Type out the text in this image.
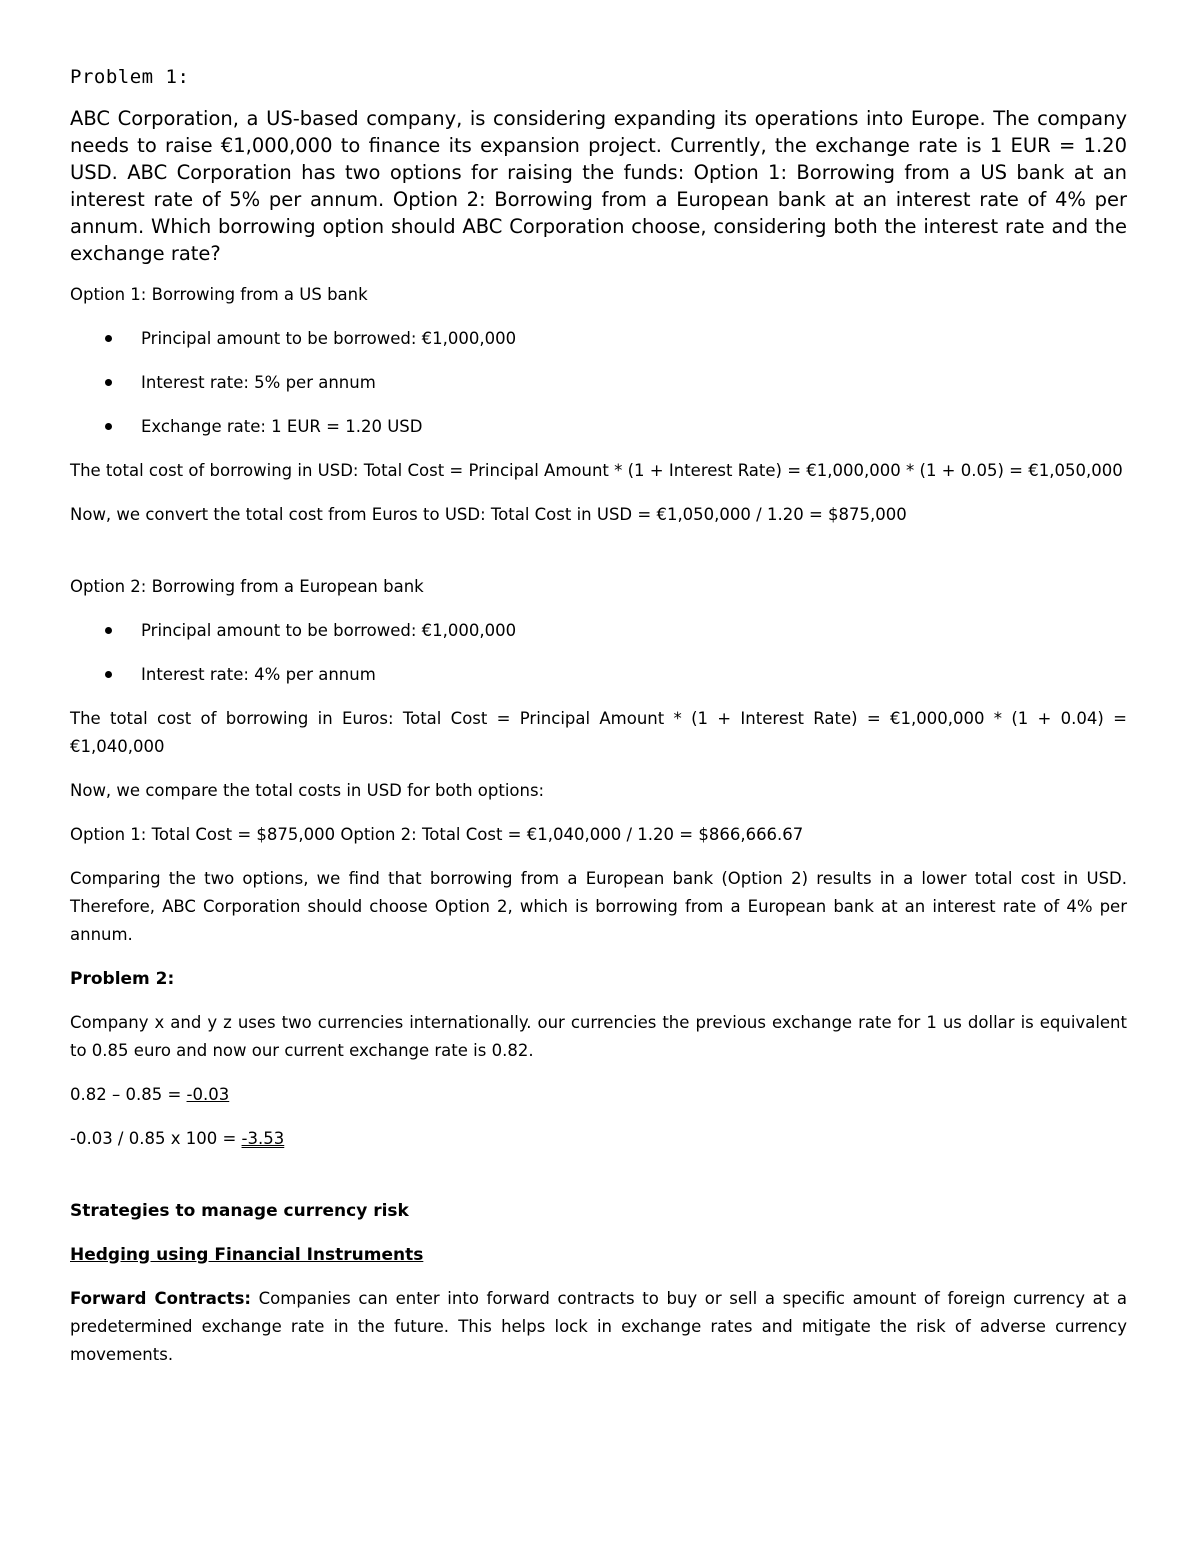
Problem 1:

ABC Corporation, a US-based company, is considering expanding its operations into Europe. The company needs to raise €1,000,000 to finance its expansion project. Currently, the exchange rate is 1 EUR = 1.20 USD. ABC Corporation has two options for raising the funds: Option 1: Borrowing from a US bank at an interest rate of 5% per annum. Option 2: Borrowing from a European bank at an interest rate of 4% per annum. Which borrowing option should ABC Corporation choose, considering both the interest rate and the exchange rate?

Option 1: Borrowing from a US bank
Principal amount to be borrowed: €1,000,000
Interest rate: 5% per annum
Exchange rate: 1 EUR = 1.20 USD

The total cost of borrowing in USD: Total Cost = Principal Amount * (1 + Interest Rate) = €1,000,000 * (1 + 0.05) = €1,050,000

Now, we convert the total cost from Euros to USD: Total Cost in USD = €1,050,000 / 1.20 = $875,000
Option 2: Borrowing from a European bank
Principal amount to be borrowed: €1,000,000
Interest rate: 4% per annum

The total cost of borrowing in Euros: Total Cost = Principal Amount * (1 + Interest Rate) = €1,000,000 * (1 + 0.04) = €1,040,000

Now, we compare the total costs in USD for both options:
Option 1: Total Cost = $875,000 Option 2: Total Cost = €1,040,000 / 1.20 = $866,666.67

Comparing the two options, we find that borrowing from a European bank (Option 2) results in a lower total cost in USD. Therefore, ABC Corporation should choose Option 2, which is borrowing from a European bank at an interest rate of 4% per annum.

Problem 2:

Company x and y z uses two currencies internationally. our currencies the previous exchange rate for 1 us dollar is equivalent to 0.85 euro and now our current exchange rate is 0.82.

0.82 – 0.85 = -0.03
-0.03 / 0.85 x 100 = -3.53
Strategies to manage currency risk
Hedging using Financial Instruments

Forward Contracts: Companies can enter into forward contracts to buy or sell a specific amount of foreign currency at a predetermined exchange rate in the future. This helps lock in exchange rates and mitigate the risk of adverse currency movements.
